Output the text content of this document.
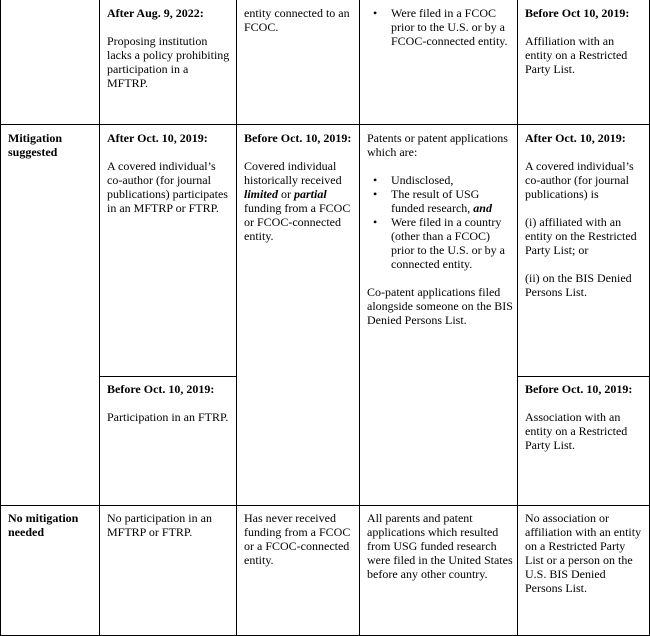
After Aug. 9, 2022:

Proposing institution lacks a policy prohibiting participation in a MFTRP.

entity connected to an FCOC.

• Were filed in a FCOC prior to the U.S. or by a FCOC-connected entity.

Before Oct 10, 2019:

Affiliation with an entity on a Restricted Party List.

Mitigation suggested

After Oct. 10, 2019:

A covered individual’s co-author (for journal publications) participates in an MFTRP or FTRP.

Before Oct. 10, 2019:

Participation in an FTRP.

Before Oct. 10, 2019:

Covered individual historically received limited or partial funding from a FCOC or FCOC-connected entity.

Patents or patent applications which are:

• Undisclosed,
• The result of USG funded research, and
• Were filed in a country (other than a FCOC) prior to the U.S. or by a connected entity.

Co-patent applications filed alongside someone on the BIS Denied Persons List.

After Oct. 10, 2019:

A covered individual’s co-author (for journal publications) is

(i) affiliated with an entity on the Restricted Party List; or

(ii) on the BIS Denied Persons List.

Before Oct. 10, 2019:

Association with an entity on a Restricted Party List.

No mitigation needed

No participation in an MFTRP or FTRP.

Has never received funding from a FCOC or a FCOC-connected entity.

All parents and patent applications which resulted from USG funded research were filed in the United States before any other country.

No association or affiliation with an entity on a Restricted Party List or a person on the U.S. BIS Denied Persons List.
